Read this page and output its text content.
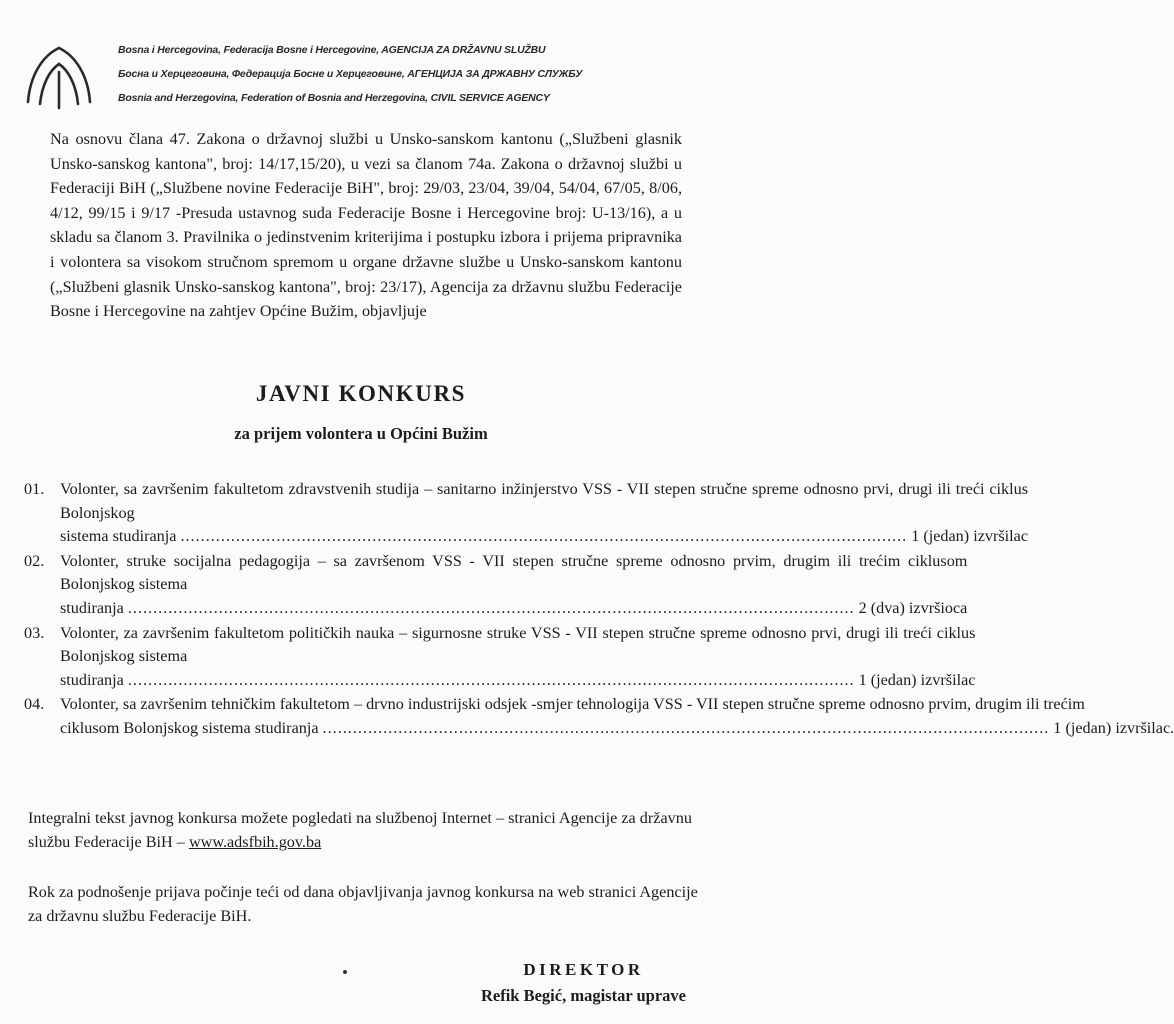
Bosna i Hercegovina, Federacija Bosne i Hercegovine, AGENCIJA ZA DRŽAVNU SLUŽBU
Босна и Херцеговина, Федерација Босне и Херцеговине, АГЕНЦИЈА ЗА ДРЖАВНУ СЛУЖБУ
Bosnia and Herzegovina, Federation of Bosnia and Herzegovina, CIVIL SERVICE AGENCY
Na osnovu člana 47. Zakona o državnoj službi u Unsko-sanskom kantonu („Službeni glasnik Unsko-sanskog kantona", broj: 14/17,15/20), u vezi sa članom 74a. Zakona o državnoj službi u Federaciji BiH („Službene novine Federacije BiH", broj: 29/03, 23/04, 39/04, 54/04, 67/05, 8/06, 4/12, 99/15 i 9/17 -Presuda ustavnog suda Federacije Bosne i Hercegovine broj: U-13/16), a u skladu sa članom 3. Pravilnika o jedinstvenim kriterijima i postupku izbora i prijema pripravnika i volontera sa visokom stručnom spremom u organe državne službe u Unsko-sanskom kantonu („Službeni glasnik Unsko-sanskog kantona", broj: 23/17), Agencija za državnu službu Federacije Bosne i Hercegovine na zahtjev Općine Bužim, objavljuje
JAVNI KONKURS
za prijem volontera u Općini Bužim
01. Volonter, sa završenim fakultetom zdravstvenih studija – sanitarno inžinjerstvo VSS - VII stepen stručne spreme odnosno prvi, drugi ili treći ciklus Bolonjskog
sistema studiranja ................................................................................................................................................ 1 (jedan) izvršilac
02. Volonter, struke socijalna pedagogija – sa završenom VSS - VII stepen stručne spreme odnosno prvim, drugim ili trećim ciklusom Bolonjskog sistema
studiranja ................................................................................................................................................ 2 (dva) izvršioca
03. Volonter, za završenim fakultetom političkih nauka – sigurnosne struke VSS - VII stepen stručne spreme odnosno prvi, drugi ili treći ciklus Bolonjskog sistema
studiranja ................................................................................................................................................ 1 (jedan) izvršilac
04. Volonter, sa završenim tehničkim fakultetom – drvno industrijski odsjek -smjer tehnologija VSS - VII stepen stručne spreme odnosno prvim, drugim ili trećim
ciklusom Bolonjskog sistema studiranja ................................................................................................................................................ 1 (jedan) izvršilac.
Integralni tekst javnog konkursa možete pogledati na službenoj Internet – stranici Agencije za državnu službu Federacije BiH – www.adsfbih.gov.ba
Rok za podnošenje prijava počinje teći od dana objavljivanja javnog konkursa na web stranici Agencije za državnu službu Federacije BiH.
DIREKTOR
Refik Begić, magistar uprave
